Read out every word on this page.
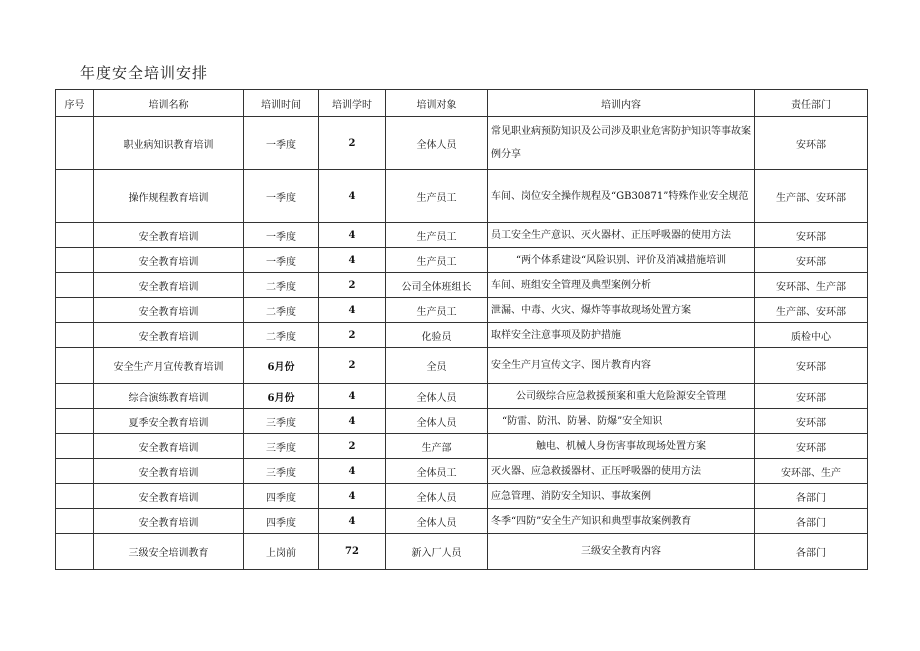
年度安全培训安排
序号	培训名称	培训时间	培训学时	培训对象	培训内容	责任部门
	职业病知识教育培训	一季度	2	全体人员	常见职业病预防知识及公司涉及职业危害防护知识等事故案例分享	安环部
	操作规程教育培训	一季度	4	生产员工	车间、岗位安全操作规程及“GB30871”特殊作业安全规范	生产部、安环部
	安全教育培训	一季度	4	生产员工	员工安全生产意识、灭火器材、正压呼吸器的使用方法	安环部
	安全教育培训	一季度	4	生产员工	“两个体系建设“风险识别、评价及消减措施培训	安环部
	安全教育培训	二季度	2	公司全体班组长	车间、班组安全管理及典型案例分析	安环部、生产部
	安全教育培训	二季度	4	生产员工	泄漏、中毒、火灾、爆炸等事故现场处置方案	生产部、安环部
	安全教育培训	二季度	2	化验员	取样安全注意事项及防护措施	质检中心
	安全生产月宣传教育培训	6月份	2	全员	安全生产月宣传文字、图片教育内容	安环部
	综合演练教育培训	6月份	4	全体人员	公司级综合应急救援预案和重大危险源安全管理	安环部
	夏季安全教育培训	三季度	4	全体人员	“防雷、防汛、防暑、防爆”安全知识	安环部
	安全教育培训	三季度	2	生产部	触电、机械人身伤害事故现场处置方案	安环部
	安全教育培训	三季度	4	全体员工	灭火器、应急救援器材、正压呼吸器的使用方法	安环部、生产
	安全教育培训	四季度	4	全体人员	应急管理、消防安全知识、事故案例	各部门
	安全教育培训	四季度	4	全体人员	冬季“四防”安全生产知识和典型事故案例教育	各部门
	三级安全培训教育	上岗前	72	新入厂人员	三级安全教育内容	各部门
